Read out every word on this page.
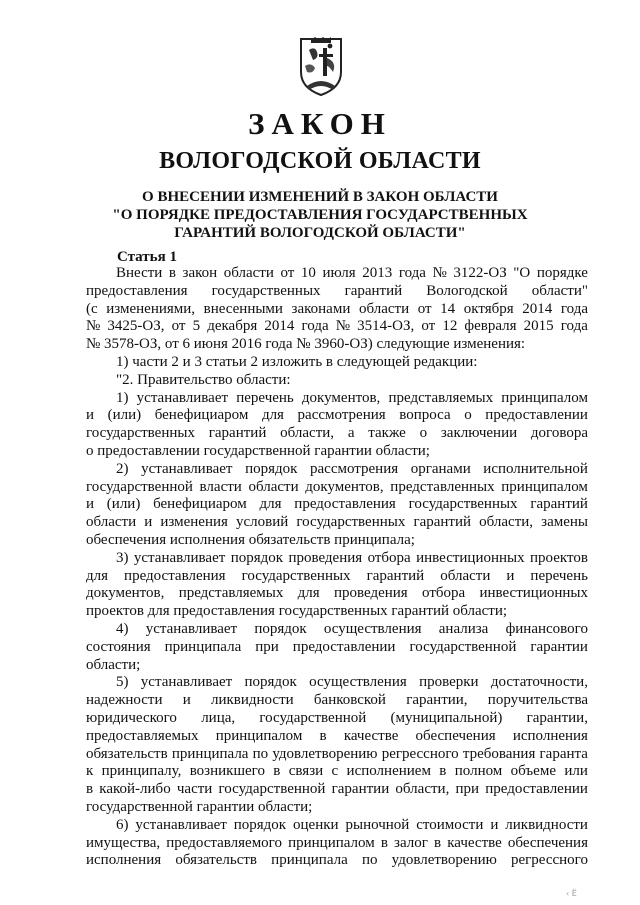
ЗАКОН
ВОЛОГОДСКОЙ ОБЛАСТИ
О ВНЕСЕНИИ ИЗМЕНЕНИЙ В ЗАКОН ОБЛАСТИ
"О ПОРЯДКЕ ПРЕДОСТАВЛЕНИЯ ГОСУДАРСТВЕННЫХ
ГАРАНТИЙ ВОЛОГОДСКОЙ ОБЛАСТИ"
Статья 1
Внести в закон области от 10 июля 2013 года № 3122-ОЗ "О порядке
предоставления государственных гарантий Вологодской области"
(с изменениями, внесенными законами области от 14 октября 2014 года
№ 3425-ОЗ, от 5 декабря 2014 года № 3514-ОЗ, от 12 февраля 2015 года
№ 3578-ОЗ, от 6 июня 2016 года № 3960-ОЗ) следующие изменения:
1) части 2 и 3 статьи 2 изложить в следующей редакции:
"2. Правительство области:
1) устанавливает перечень документов, представляемых принципалом
и (или) бенефициаром для рассмотрения вопроса о предоставлении
государственных гарантий области, а также о заключении договора
о предоставлении государственной гарантии области;
2) устанавливает порядок рассмотрения органами исполнительной
государственной власти области документов, представленных принципалом
и (или) бенефициаром для предоставления государственных гарантий
области и изменения условий государственных гарантий области, замены
обеспечения исполнения обязательств принципала;
3) устанавливает порядок проведения отбора инвестиционных проектов
для предоставления государственных гарантий области и перечень
документов, представляемых для проведения отбора инвестиционных
проектов для предоставления государственных гарантий области;
4) устанавливает порядок осуществления анализа финансового
состояния принципала при предоставлении государственной гарантии
области;
5) устанавливает порядок осуществления проверки достаточности,
надежности и ликвидности банковской гарантии, поручительства
юридического лица, государственной (муниципальной) гарантии,
предоставляемых принципалом в качестве обеспечения исполнения
обязательств принципала по удовлетворению регрессного требования гаранта
к принципалу, возникшего в связи с исполнением в полном объеме или
в какой-либо части государственной гарантии области, при предоставлении
государственной гарантии области;
6) устанавливает порядок оценки рыночной стоимости и ликвидности
имущества, предоставляемого принципалом в залог в качестве обеспечения
исполнения обязательств принципала по удовлетворению регрессного
‹ Ё
